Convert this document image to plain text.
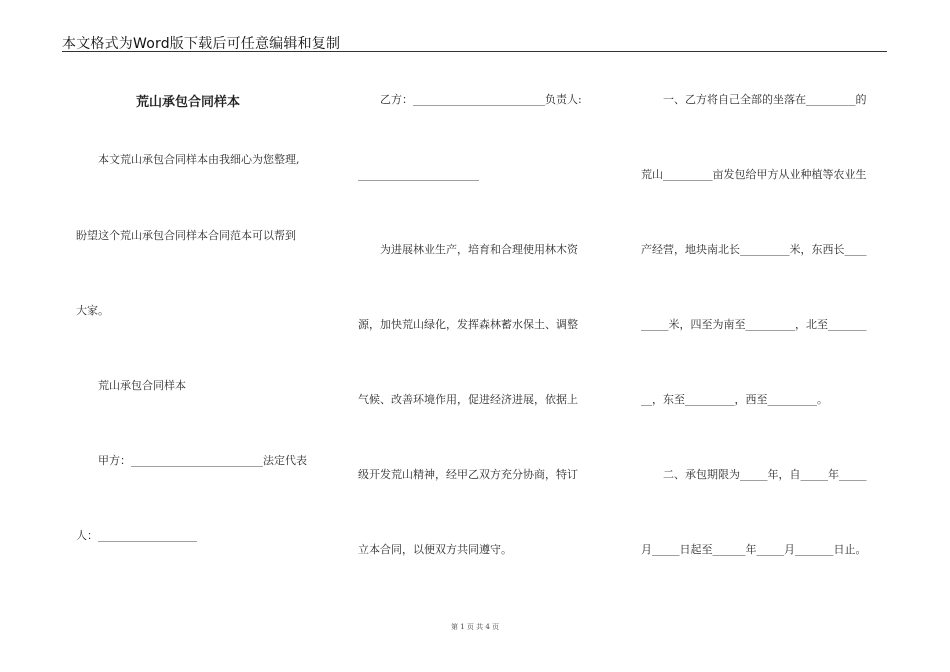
本文格式为Word版下载后可任意编辑和复制
荒山承包合同样本
本文荒山承包合同样本由我细心为您整理,
盼望这个荒山承包合同样本合同范本可以帮到
大家。
荒山承包合同样本
甲方：________________________法定代表
人：__________________
乙方：________________________负责人:
______________________
为进展林业生产，培育和合理使用林木资
源，加快荒山绿化，发挥森林蓄水保土、调整
气候、改善环境作用，促进经济进展，依据上
级开发荒山精神，经甲乙双方充分协商，特订
立本合同，以便双方共同遵守。
一、乙方将自己全部的坐落在_________的
荒山_________亩发包给甲方从业种植等农业生
产经营，地块南北长_________米，东西长____
_____米，四至为南至_________，北至_______
__，东至_________，西至_________。
二、承包期限为_____年，自_____年_____
月_____日起至______年_____月_______日止。
第 1 页 共 4 页
